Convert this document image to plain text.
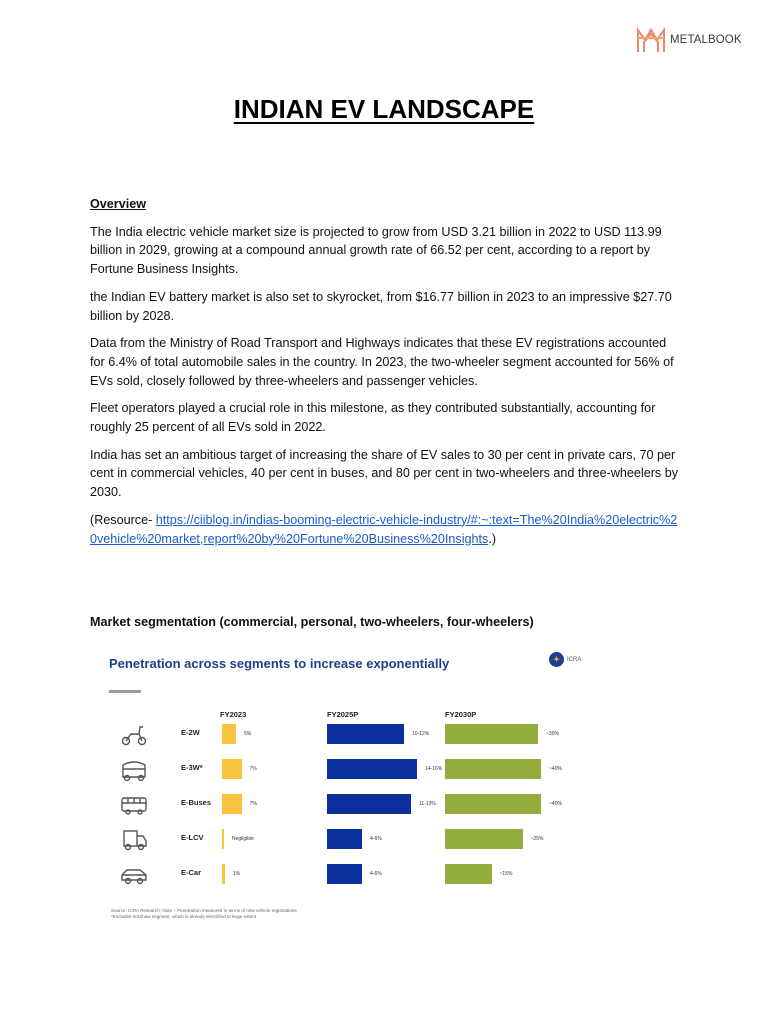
METALBOOK
INDIAN EV LANDSCAPE
Overview

The India electric vehicle market size is projected to grow from USD 3.21 billion in 2022 to USD 113.99 billion in 2029, growing at a compound annual growth rate of 66.52 per cent, according to a report by Fortune Business Insights.

the Indian EV battery market is also set to skyrocket, from $16.77 billion in 2023 to an impressive $27.70 billion by 2028.

Data from the Ministry of Road Transport and Highways indicates that these EV registrations accounted for 6.4% of total automobile sales in the country. In 2023, the two-wheeler segment accounted for 56% of EVs sold, closely followed by three-wheelers and passenger vehicles.

Fleet operators played a crucial role in this milestone, as they contributed substantially, accounting for roughly 25 percent of all EVs sold in 2022.

India has set an ambitious target of increasing the share of EV sales to 30 per cent in private cars, 70 per cent in commercial vehicles, 40 per cent in buses, and 80 per cent in two-wheelers and three-wheelers by 2030.

(Resource- https://ciiblog.in/indias-booming-electric-vehicle-industry/#:~:text=The%20India%20electric%20vehicle%20market,report%20by%20Fortune%20Business%20Insights.)

Market segmentation (commercial, personal, two-wheelers, four-wheelers)
Penetration across segments to increase exponentially	✦	ICRA
FY2023	FY2025P	FY2030P
E-2W	5%	10-12%	~30%
E-3W*	7%	14-16%	~40%
E-Buses	7%	11-13%	~40%
E-LCV	Negligible	4-6%	~25%
E-Car	1%	4-6%	~15%
Source: ICRA Research; Note – Penetration measured in terms of new vehicle registrations
*Excludes rickshaw segment, which is already electrified to large extent
